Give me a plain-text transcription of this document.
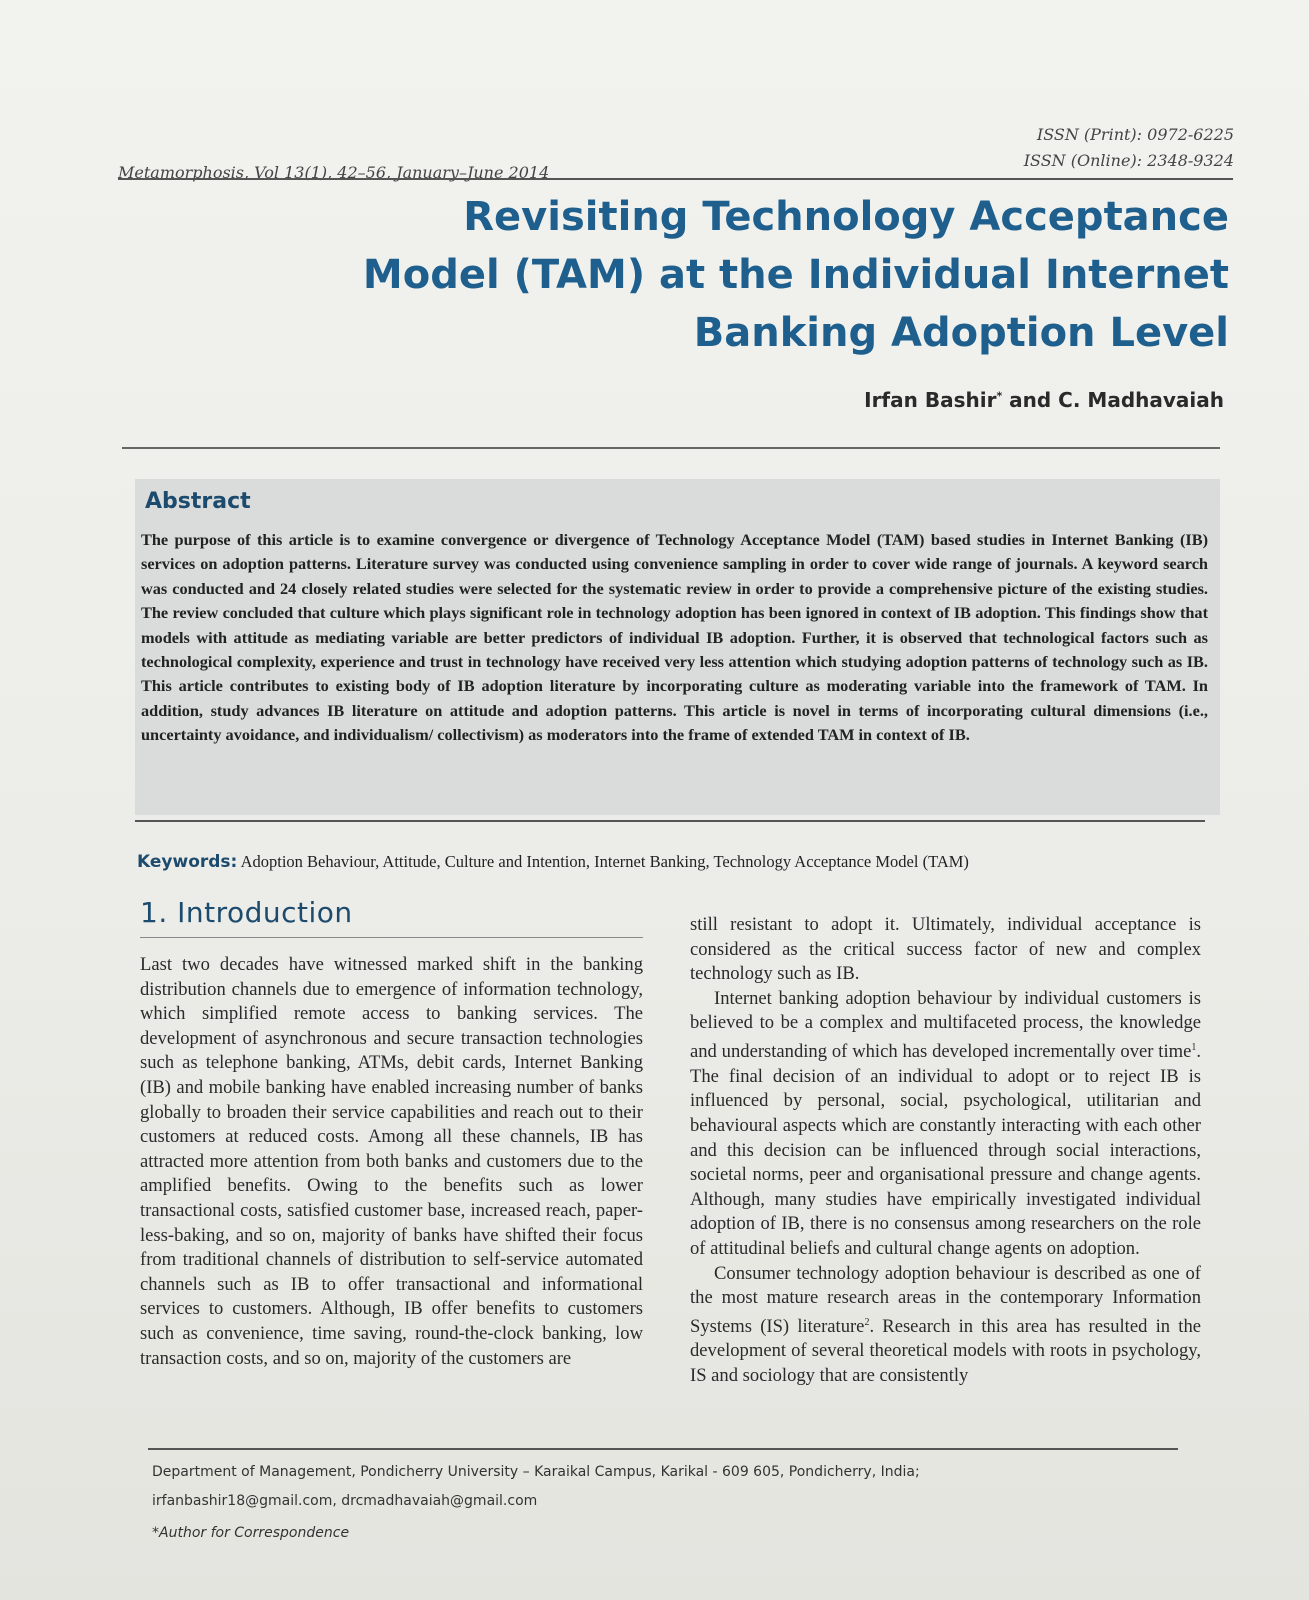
Metamorphosis, Vol 13(1), 42–56, January–June 2014
ISSN (Print): 0972-6225
ISSN (Online): 2348-9324
Revisiting Technology Acceptance Model (TAM) at the Individual Internet Banking Adoption Level
Irfan Bashir* and C. Madhavaiah
Abstract

The purpose of this article is to examine convergence or divergence of Technology Acceptance Model (TAM) based studies in Internet Banking (IB) services on adoption patterns. Literature survey was conducted using convenience sampling in order to cover wide range of journals. A keyword search was conducted and 24 closely related studies were selected for the systematic review in order to provide a comprehensive picture of the existing studies. The review concluded that culture which plays significant role in technology adoption has been ignored in context of IB adoption. This findings show that models with attitude as mediating variable are better predictors of individual IB adoption. Further, it is observed that technological factors such as technological complexity, experience and trust in technology have received very less attention which studying adoption patterns of technology such as IB. This article contributes to existing body of IB adoption literature by incorporating culture as moderating variable into the framework of TAM. In addition, study advances IB literature on attitude and adoption patterns. This article is novel in terms of incorporating cultural dimensions (i.e., uncertainty avoidance, and individualism/ collectivism) as moderators into the frame of extended TAM in context of IB.

Keywords: Adoption Behaviour, Attitude, Culture and Intention, Internet Banking, Technology Acceptance Model (TAM)
1. Introduction

Last two decades have witnessed marked shift in the banking distribution channels due to emergence of information technology, which simplified remote access to banking services. The development of asynchronous and secure transaction technologies such as telephone banking, ATMs, debit cards, Internet Banking (IB) and mobile banking have enabled increasing number of banks globally to broaden their service capabilities and reach out to their customers at reduced costs. Among all these channels, IB has attracted more attention from both banks and customers due to the amplified benefits. Owing to the benefits such as lower transactional costs, satisfied customer base, increased reach, paper-less-baking, and so on, majority of banks have shifted their focus from traditional channels of distribution to self-service automated channels such as IB to offer transactional and informational services to customers. Although, IB offer benefits to customers such as convenience, time saving, round-the-clock banking, low transaction costs, and so on, majority of the customers are

still resistant to adopt it. Ultimately, individual acceptance is considered as the critical success factor of new and complex technology such as IB.

Internet banking adoption behaviour by individual customers is believed to be a complex and multifaceted process, the knowledge and understanding of which has developed incrementally over time$^1$. The final decision of an individual to adopt or to reject IB is influenced by personal, social, psychological, utilitarian and behavioural aspects which are constantly interacting with each other and this decision can be influenced through social interactions, societal norms, peer and organisational pressure and change agents. Although, many studies have empirically investigated individual adoption of IB, there is no consensus among researchers on the role of attitudinal beliefs and cultural change agents on adoption.

Consumer technology adoption behaviour is described as one of the most mature research areas in the contemporary Information Systems (IS) literature$^2$. Research in this area has resulted in the development of several theoretical models with roots in psychology, IS and sociology that are consistently

Department of Management, Pondicherry University – Karaikal Campus, Karikal - 609 605, Pondicherry, India;
irfanbashir18@gmail.com, drcmadhavaiah@gmail.com
*Author for Correspondence
